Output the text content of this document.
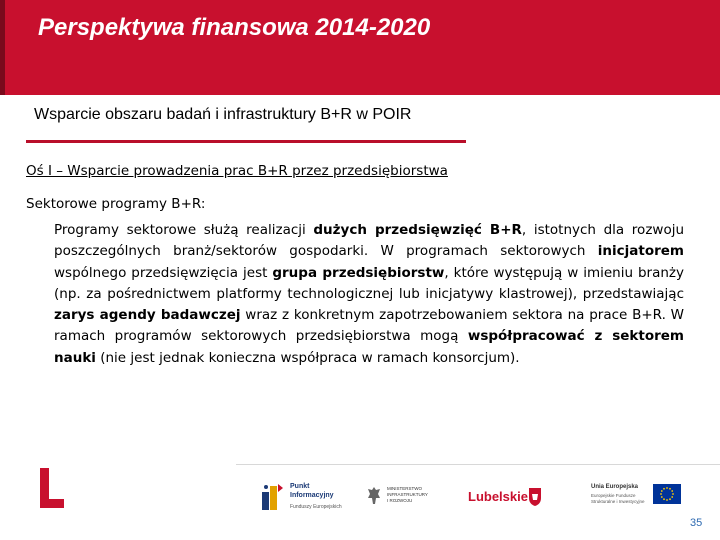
Perspektywa finansowa 2014-2020
Wsparcie obszaru badań i infrastruktury B+R w POIR
Oś I – Wsparcie prowadzenia prac B+R przez przedsiębiorstwa
Sektorowe programy B+R:

Programy sektorowe służą realizacji dużych przedsięwzięć B+R, istotnych dla rozwoju poszczególnych branż/sektorów gospodarki. W programach sektorowych inicjatorem wspólnego przedsięwzięcia jest grupa przedsiębiorstw, które występują w imieniu branży (np. za pośrednictwem platformy technologicznej lub inicjatywy klastrowej), przedstawiając zarys agendy badawczej wraz z konkretnym zapotrzebowaniem sektora na prace B+R. W ramach programów sektorowych przedsiębiorstwa mogą współpracować z sektorem nauki (nie jest jednak konieczna współpraca w ramach konsorcjum).

Punkt
Informacyjny
Funduszy Europejskich
MINISTERSTWO
INFRASTRUKTURY
I ROZWOJU	Lubelskie
Unia Europejska
Europejskie Fundusze
Strukturalne i Inwestycyjne
35
